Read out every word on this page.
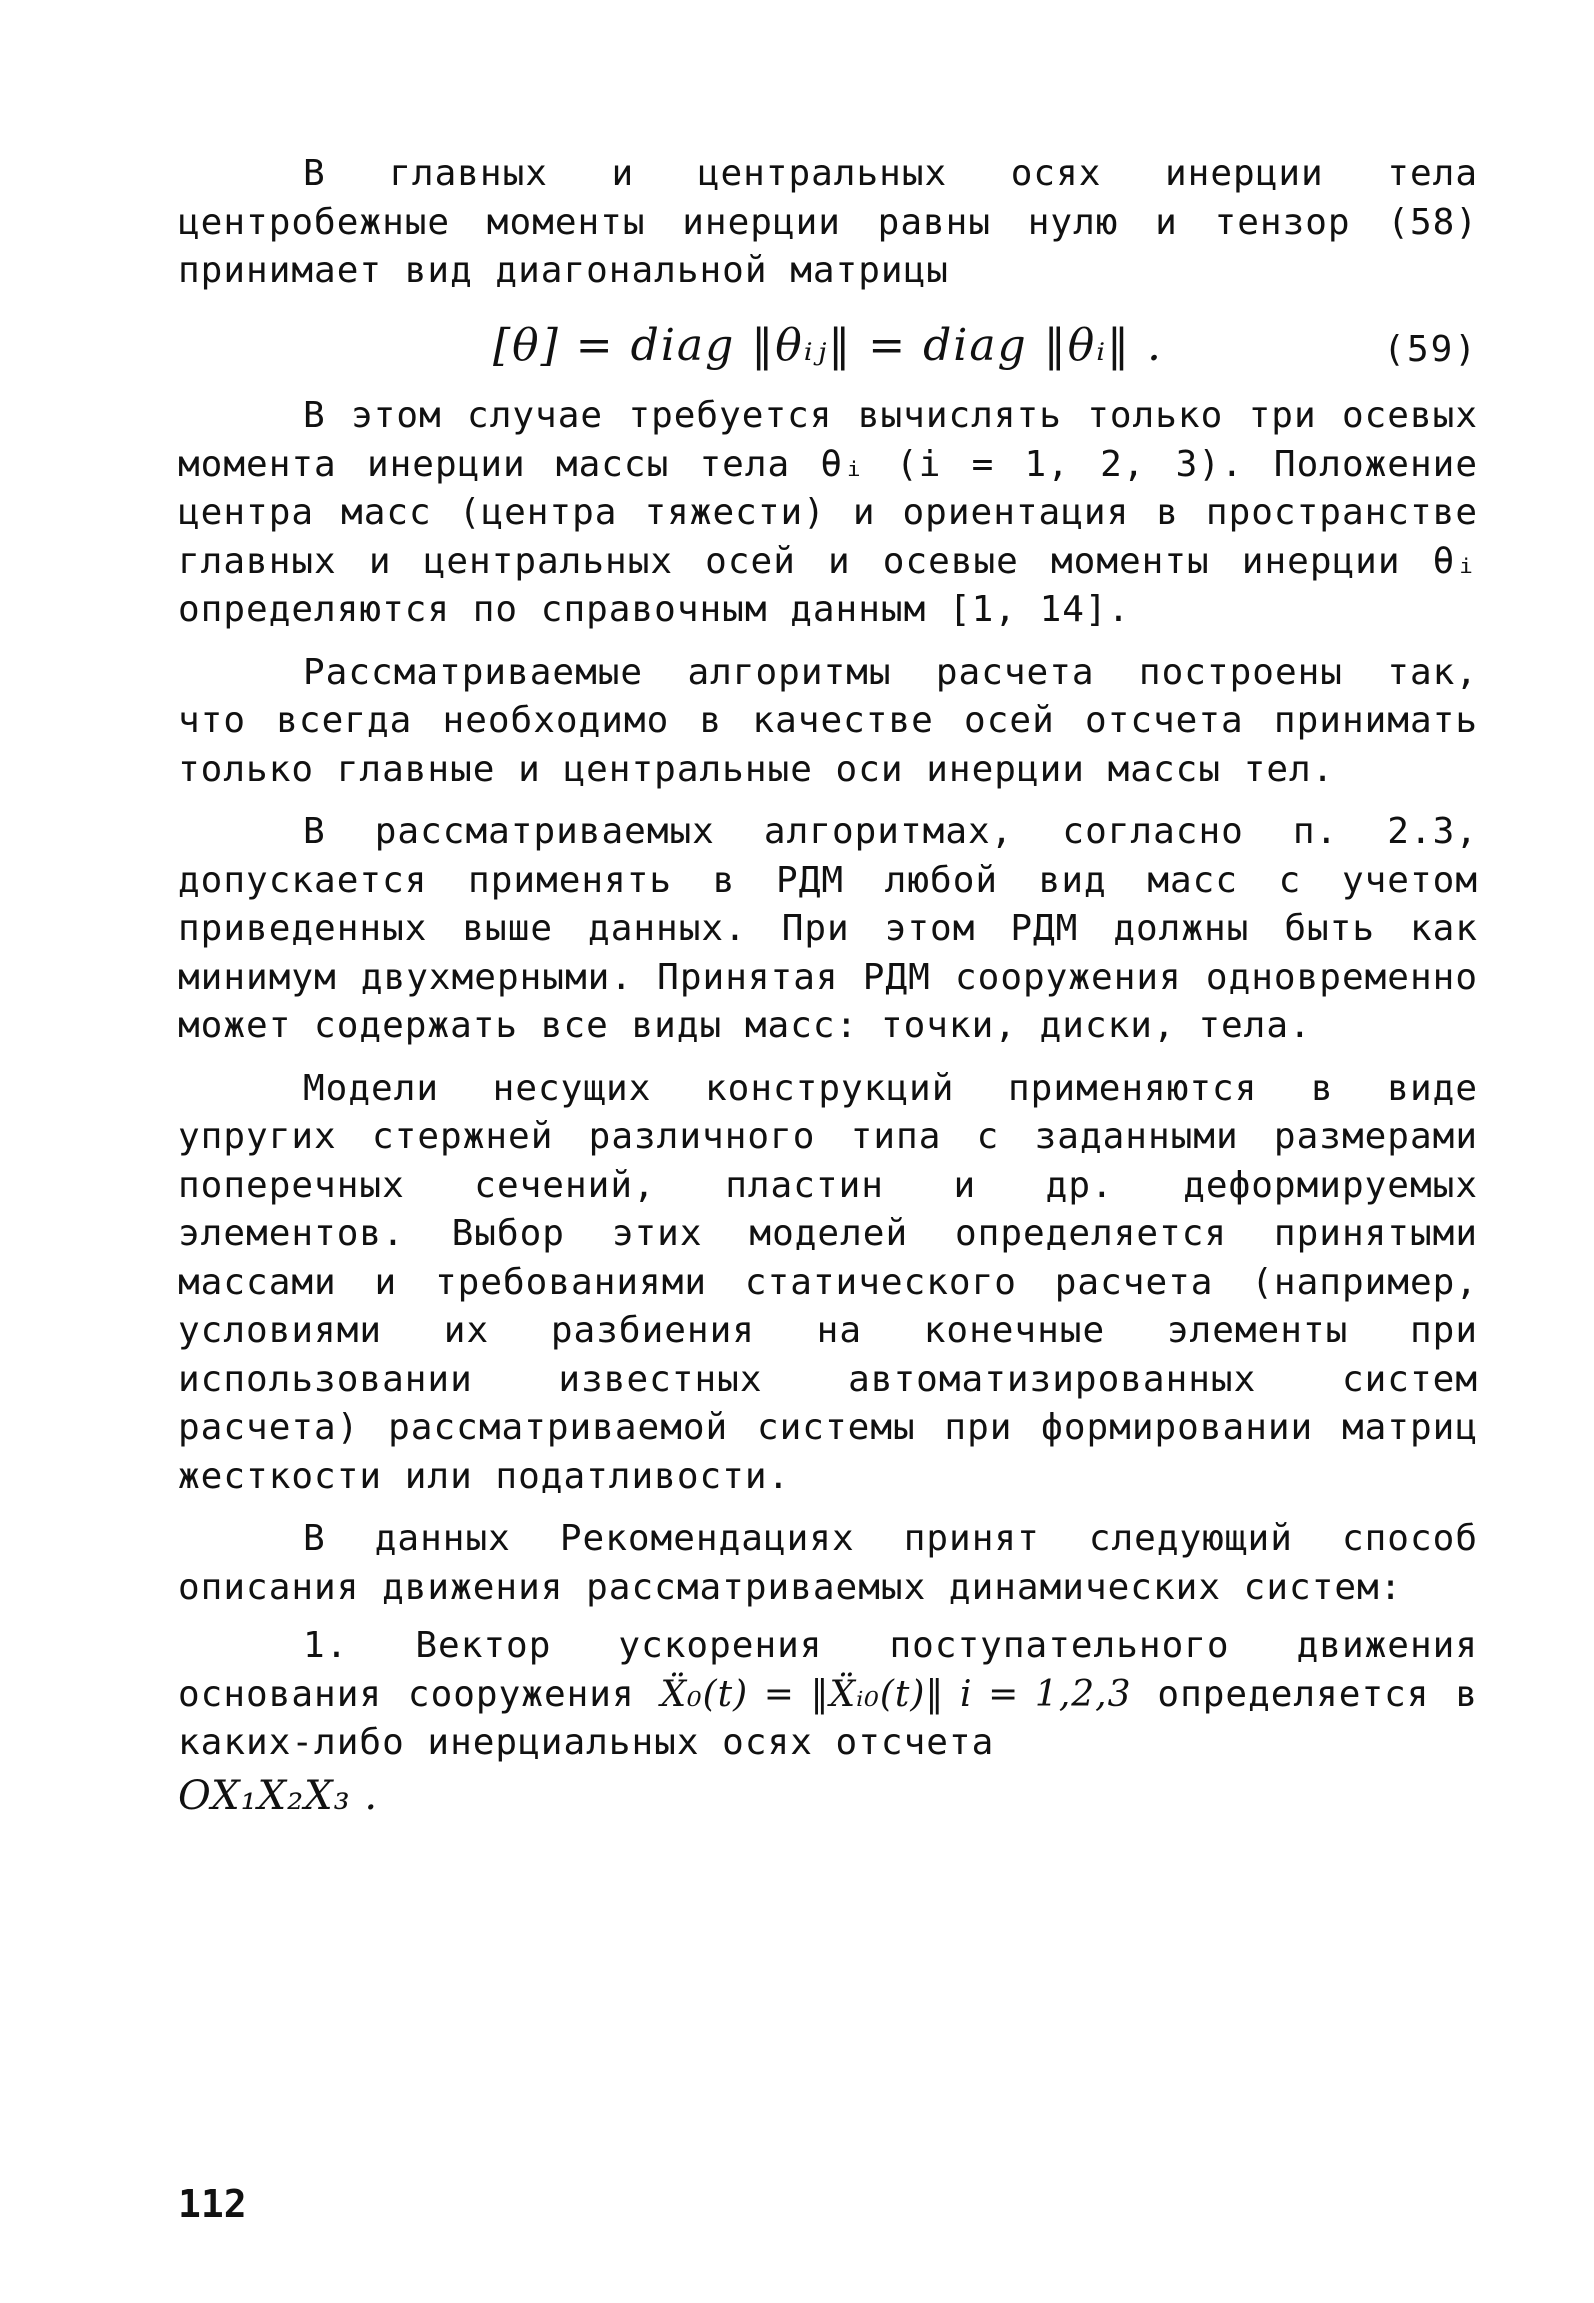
В главных и центральных осях инерции тела центробежные моменты инерции равны нулю и тензор (58) принимает вид диагональной матрицы

[θ] = diag ‖θᵢⱼ‖ = diag ‖θᵢ‖ .	(59)

В этом случае требуется вычислять только три осевых момента инерции массы тела θᵢ (i = 1, 2, 3). Положение центра масс (центра тяжести) и ориентация в пространстве главных и центральных осей и осевые моменты инерции θᵢ определяются по справочным данным [1, 14].

Рассматриваемые алгоритмы расчета построены так, что всегда необходимо в качестве осей отсчета принимать только главные и центральные оси инерции массы тел.

В рассматриваемых алгоритмах, согласно п. 2.3, допускается применять в РДМ любой вид масс с учетом приведенных выше данных. При этом РДМ должны быть как минимум двухмерными. Принятая РДМ сооружения одновременно может содержать все виды масс: точки, диски, тела.

Модели несущих конструкций применяются в виде упругих стержней различного типа с заданными размерами поперечных сечений, пластин и др. деформируемых элементов. Выбор этих моделей определяется принятыми массами и требованиями статического расчета (например, условиями их разбиения на конечные элементы при использовании известных автоматизированных систем расчета) рассматриваемой системы при формировании матриц жесткости или податливости.

В данных Рекомендациях принят следующий способ описания движения рассматриваемых динамических систем:

1. Вектор ускорения поступательного движения основания сооружения Ẍ₀(t) = ‖Ẍᵢ₀(t)‖ i = 1,2,3 определяется в каких-либо инерциальных осях отсчета

OX₁X₂X₃ .
112
